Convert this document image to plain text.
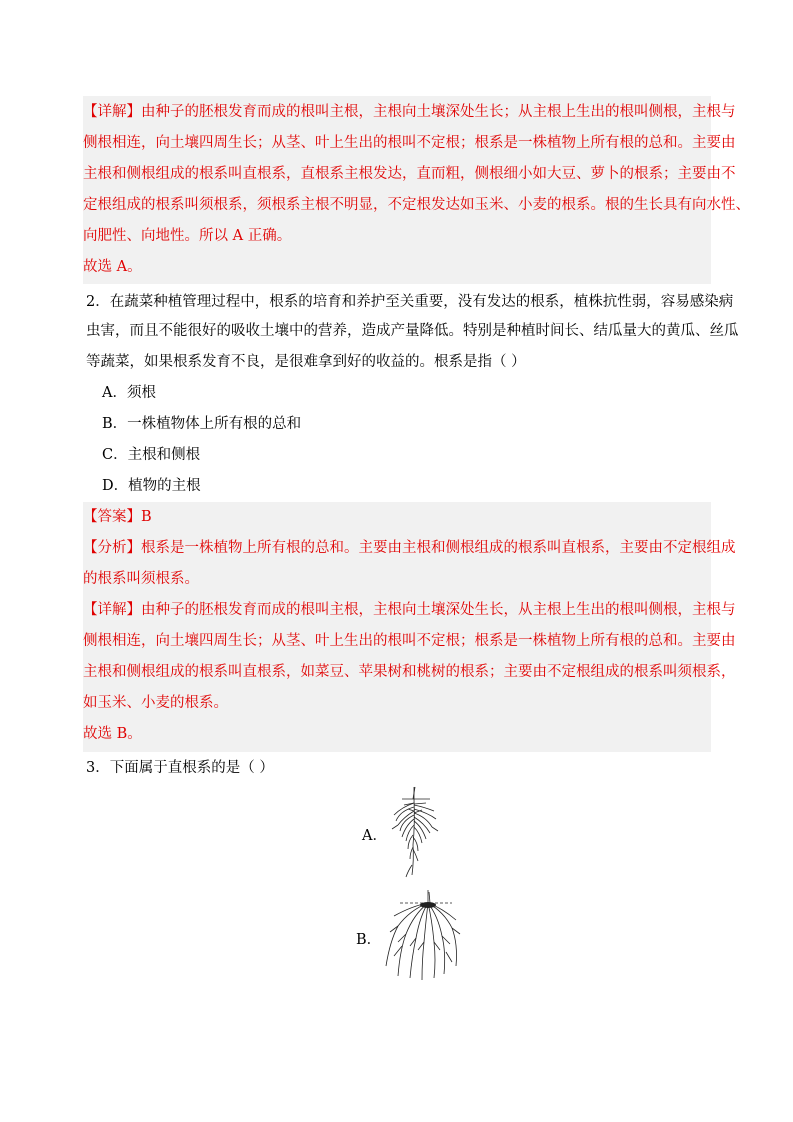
【详解】由种子的胚根发育而成的根叫主根，主根向土壤深处生长；从主根上生出的根叫侧根，主根与
侧根相连，向土壤四周生长；从茎、叶上生出的根叫不定根；根系是一株植物上所有根的总和。主要由
主根和侧根组成的根系叫直根系，直根系主根发达，直而粗，侧根细小如大豆、萝卜的根系；主要由不
定根组成的根系叫须根系，须根系主根不明显，不定根发达如玉米、小麦的根系。根的生长具有向水性、
向肥性、向地性。所以 A 正确。
故选 A。
2．在蔬菜种植管理过程中，根系的培育和养护至关重要，没有发达的根系，植株抗性弱，容易感染病
虫害，而且不能很好的吸收土壤中的营养，造成产量降低。特别是种植时间长、结瓜量大的黄瓜、丝瓜
等蔬菜，如果根系发育不良，是很难拿到好的收益的。根系是指（ ）
A．须根
B．一株植物体上所有根的总和
C．主根和侧根
D．植物的主根
【答案】B
【分析】根系是一株植物上所有根的总和。主要由主根和侧根组成的根系叫直根系，主要由不定根组成
的根系叫须根系。
【详解】由种子的胚根发育而成的根叫主根，主根向土壤深处生长，从主根上生出的根叫侧根，主根与
侧根相连，向土壤四周生长；从茎、叶上生出的根叫不定根；根系是一株植物上所有根的总和。主要由
主根和侧根组成的根系叫直根系，如菜豆、苹果树和桃树的根系；主要由不定根组成的根系叫须根系，
如玉米、小麦的根系。
故选 B。
3．下面属于直根系的是（ ）
A．
B．
